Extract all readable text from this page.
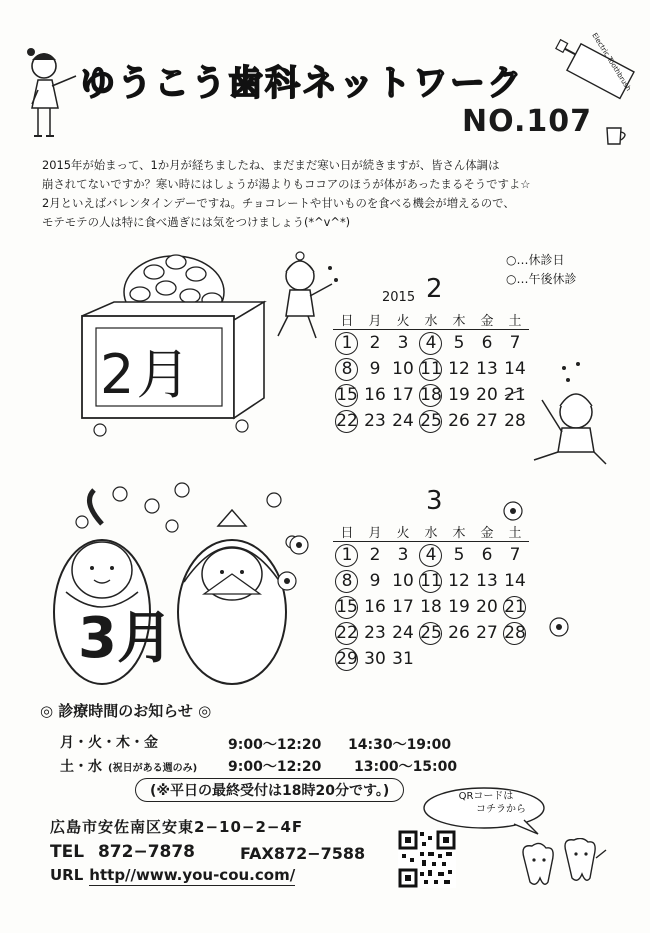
ゆうこう歯科ネットワーク	Electric Toothbrush
NO.107

2015年が始まって、1か月が経ちましたね、まだまだ寒い日が続きますが、皆さん体調は

崩されてないですか？寒い時にはしょうが湯よりもココアのほうが体があったまるそうですよ☆

2月といえばバレンタインデーですね。チョコレートや甘いものを食べる機会が増えるので、

モテモテの人は特に食べ過ぎには気をつけましょう(*^v^*)

2月
○…休診日
○…午後休診
2015 2
日	月	火	水	木	金	土
1	2	3	4	5	6	7
8	9	10	11	12	13	14
15	16	17	18	19	20	21
22	23	24	25	26	27	28
3
日	月	火	水	木	金	土
1	2	3	4	5	6	7
8	9	10	11	12	13	14
15	16	17	18	19	20	21
22	23	24	25	26	27	28
29	30	31				
3月
◎ 診療時間のお知らせ ◎
月・火・木・金	9:00〜12:20 14:30〜19:00
土・水 (祝日がある週のみ) 9:00〜12:20 13:00〜15:00
(※平日の最終受付は18時20分です。)
広島市安佐南区安東2−10−2−4F
TEL 872−7878	FAX872−7588
URL http//www.you-cou.com/
QRコードは
コチラから
